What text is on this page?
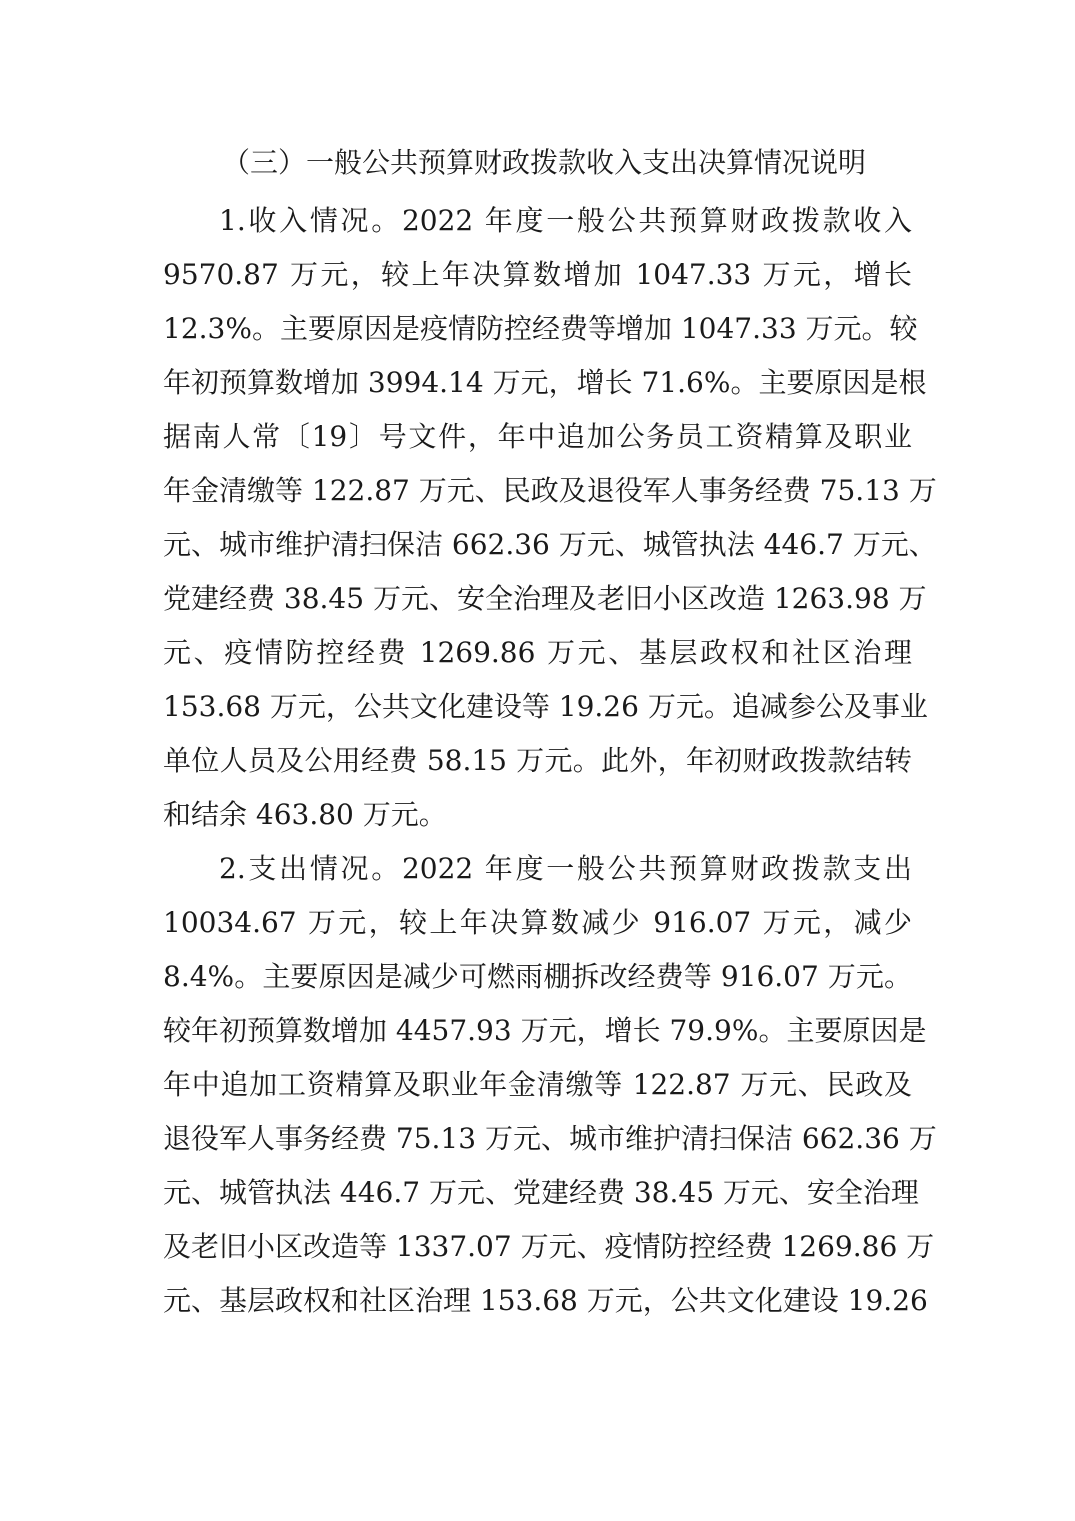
（三）一般公共预算财政拨款收入支出决算情况说明
1.收入情况。2022 年度一般公共预算财政拨款收入
9570.87 万元，较上年决算数增加 1047.33 万元，增长
12.3%。主要原因是疫情防控经费等增加 1047.33 万元。较
年初预算数增加 3994.14 万元，增长 71.6%。主要原因是根
据南人常〔19〕号文件，年中追加公务员工资精算及职业
年金清缴等 122.87 万元、民政及退役军人事务经费 75.13 万
元、城市维护清扫保洁 662.36 万元、城管执法 446.7 万元、
党建经费 38.45 万元、安全治理及老旧小区改造 1263.98 万
元、疫情防控经费 1269.86 万元、基层政权和社区治理
153.68 万元，公共文化建设等 19.26 万元。追减参公及事业
单位人员及公用经费 58.15 万元。此外，年初财政拨款结转
和结余 463.80 万元。
2.支出情况。2022 年度一般公共预算财政拨款支出
10034.67 万元，较上年决算数减少 916.07 万元，减少
8.4%。主要原因是减少可燃雨棚拆改经费等 916.07 万元。
较年初预算数增加 4457.93 万元，增长 79.9%。主要原因是
年中追加工资精算及职业年金清缴等 122.87 万元、民政及
退役军人事务经费 75.13 万元、城市维护清扫保洁 662.36 万
元、城管执法 446.7 万元、党建经费 38.45 万元、安全治理
及老旧小区改造等 1337.07 万元、疫情防控经费 1269.86 万
元、基层政权和社区治理 153.68 万元，公共文化建设 19.26
